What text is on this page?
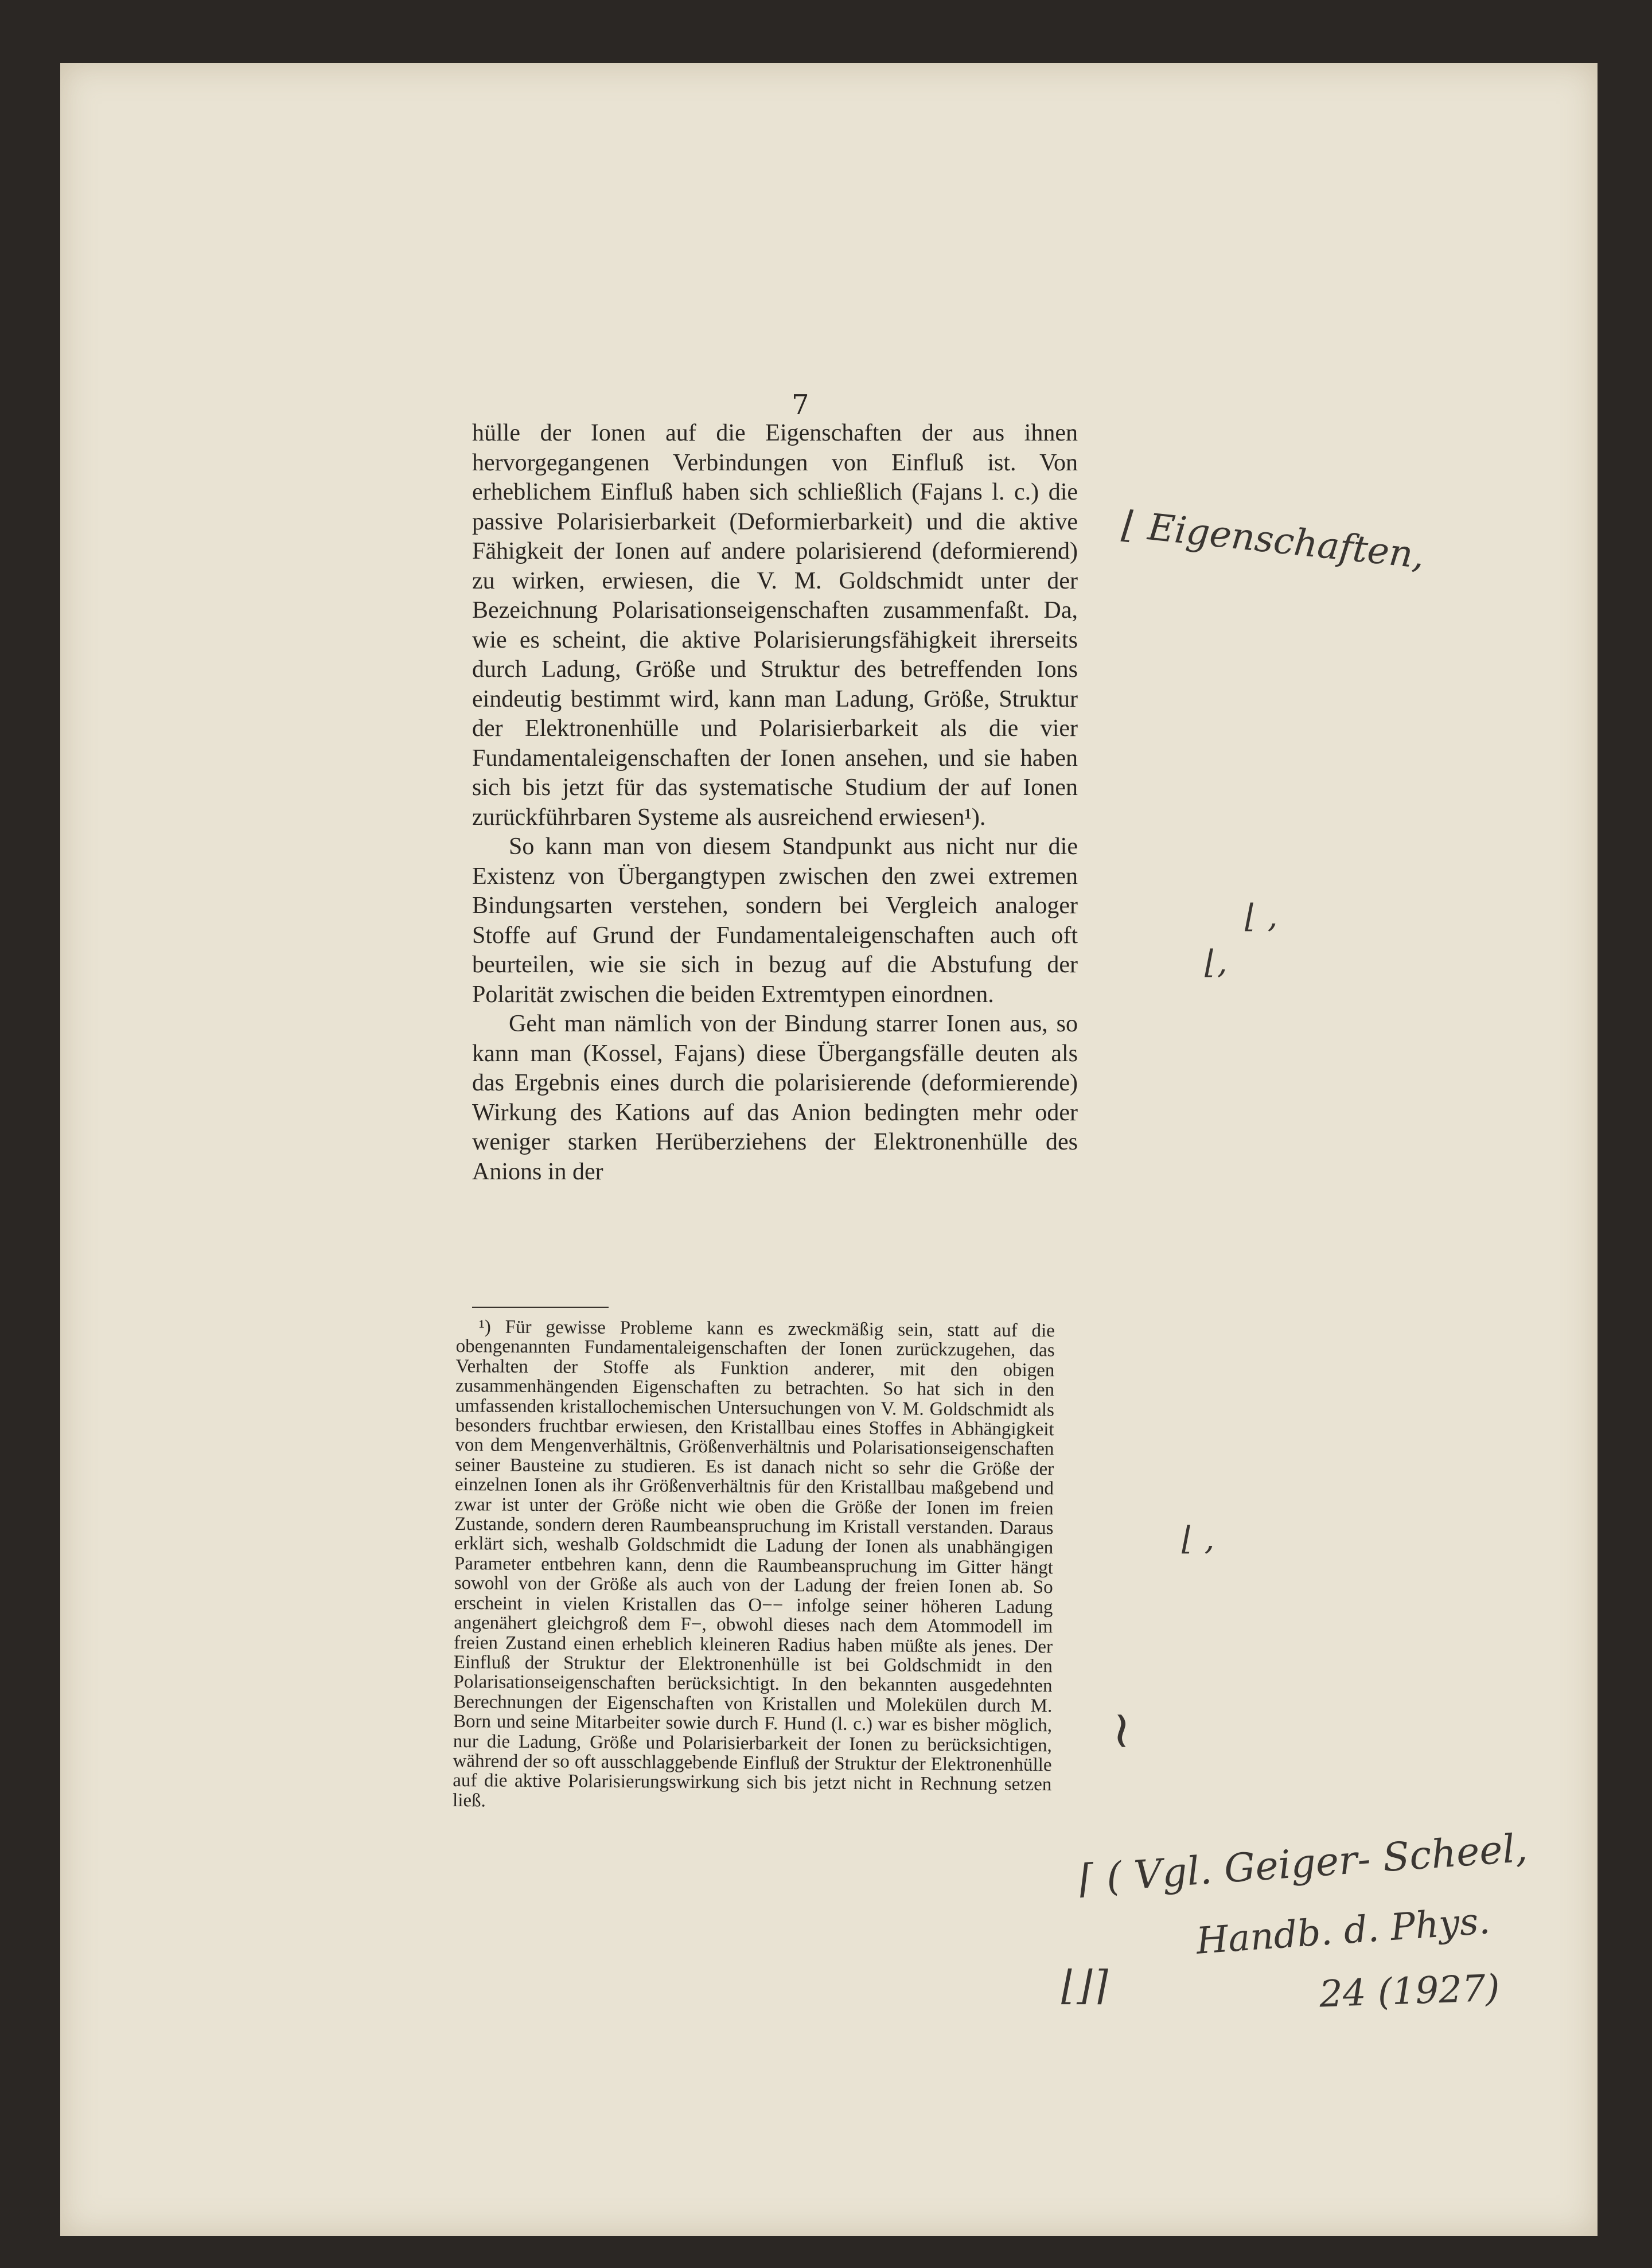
7

hülle der Ionen auf die Eigenschaften der aus ihnen hervorgegangenen Verbindungen von Einfluß ist. Von erheblichem Einfluß haben sich schließlich (Fajans l. c.) die passive Polarisierbarkeit (Deformierbarkeit) und die aktive Fähigkeit der Ionen auf andere polarisierend (deformierend) zu wirken, erwiesen, die V. M. Goldschmidt unter der Bezeichnung Polarisationseigenschaften zusammenfaßt. Da, wie es scheint, die aktive Polarisierungsfähigkeit ihrerseits durch Ladung, Größe und Struktur des betreffenden Ions eindeutig bestimmt wird, kann man Ladung, Größe, Struktur der Elektronenhülle und Polarisierbarkeit als die vier Fundamentaleigenschaften der Ionen ansehen, und sie haben sich bis jetzt für das systematische Studium der auf Ionen zurückführbaren Systeme als ausreichend erwiesen¹).

So kann man von diesem Standpunkt aus nicht nur die Existenz von Übergangtypen zwischen den zwei extremen Bindungsarten verstehen, sondern bei Vergleich analoger Stoffe auf Grund der Fundamentaleigenschaften auch oft beurteilen, wie sie sich in bezug auf die Abstufung der Polarität zwischen die beiden Extremtypen einordnen.

Geht man nämlich von der Bindung starrer Ionen aus, so kann man (Kossel, Fajans) diese Übergangsfälle deuten als das Ergebnis eines durch die polarisierende (deformierende) Wirkung des Kations auf das Anion bedingten mehr oder weniger starken Herüberziehens der Elektronenhülle des Anions in der

¹) Für gewisse Probleme kann es zweckmäßig sein, statt auf die obengenannten Fundamentaleigenschaften der Ionen zurückzugehen, das Verhalten der Stoffe als Funktion anderer, mit den obigen zusammenhängenden Eigenschaften zu betrachten. So hat sich in den umfassenden kristallochemischen Untersuchungen von V. M. Goldschmidt als besonders fruchtbar erwiesen, den Kristallbau eines Stoffes in Abhängigkeit von dem Mengenverhältnis, Größenverhältnis und Polarisationseigenschaften seiner Bausteine zu studieren. Es ist danach nicht so sehr die Größe der einzelnen Ionen als ihr Größenverhältnis für den Kristallbau maßgebend und zwar ist unter der Größe nicht wie oben die Größe der Ionen im freien Zustande, sondern deren Raumbeanspruchung im Kristall verstanden. Daraus erklärt sich, weshalb Goldschmidt die Ladung der Ionen als unabhängigen Parameter entbehren kann, denn die Raumbeanspruchung im Gitter hängt sowohl von der Größe als auch von der Ladung der freien Ionen ab. So erscheint in vielen Kristallen das O−− infolge seiner höheren Ladung angenähert gleichgroß dem F−, obwohl dieses nach dem Atommodell im freien Zustand einen erheblich kleineren Radius haben müßte als jenes. Der Einfluß der Struktur der Elektronenhülle ist bei Goldschmidt in den Polarisationseigenschaften berücksichtigt. In den bekannten ausgedehnten Berechnungen der Eigenschaften von Kristallen und Molekülen durch M. Born und seine Mitarbeiter sowie durch F. Hund (l. c.) war es bisher möglich, nur die Ladung, Größe und Polarisierbarkeit der Ionen zu berücksichtigen, während der so oft ausschlaggebende Einfluß der Struktur der Elektronenhülle auf die aktive Polarisierungswirkung sich bis jetzt nicht in Rechnung setzen ließ.

⌊ Eigenschaften,
⌊ ,
⌊,
⌊ ,
~
⌈ ( Vgl. Geiger- Scheel,
Handb. d. Phys.
24 (1927)
⌊⌋⌉
